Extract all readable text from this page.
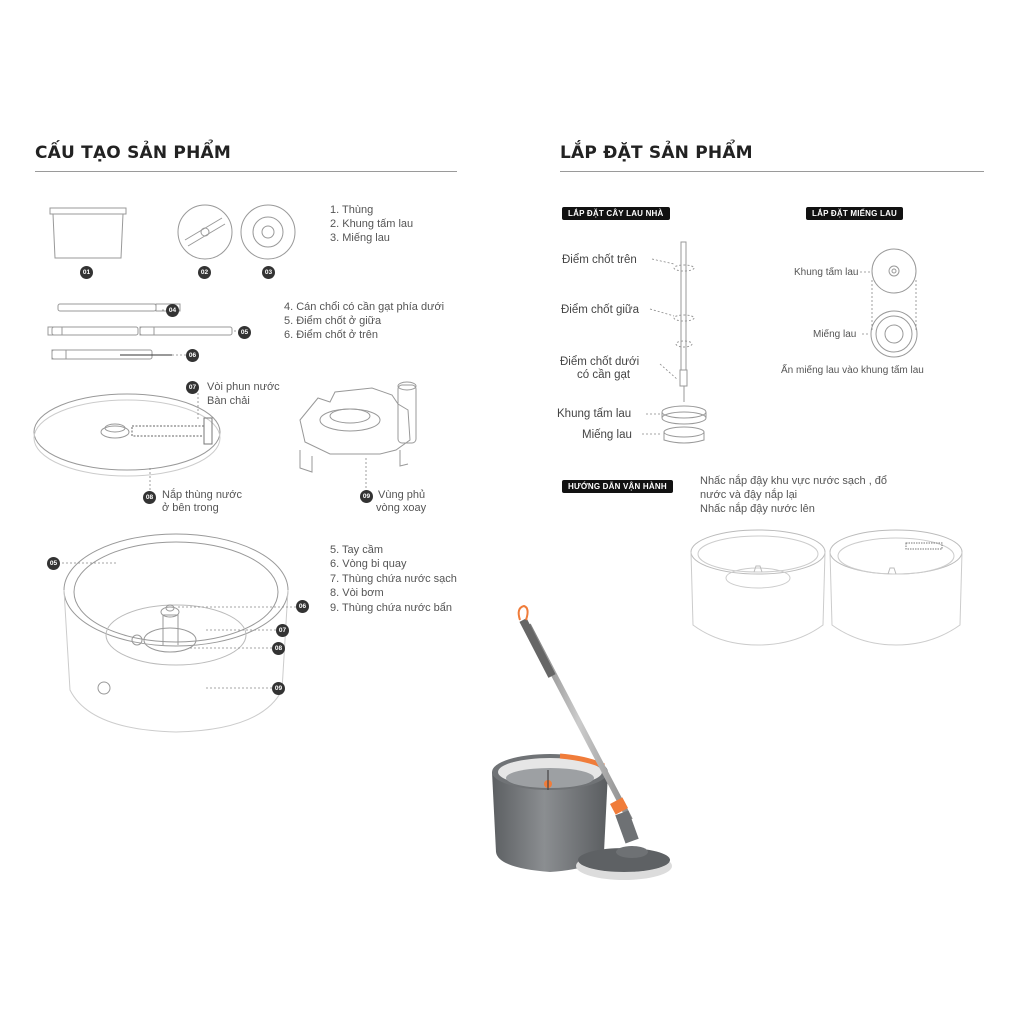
CẤU TẠO SẢN PHẨM
01	02	03
04
05
06
07
08	09
05
06
07
08
09
1. Thùng
2. Khung tấm lau
3. Miếng lau
4. Cán chổi có cần gạt phía dưới
5. Điểm chốt ở giữa
6. Điểm chốt ở trên
Vòi phun nước
Bàn chải
Nắp thùng nước
ở bên trong
Vùng phủ
vòng xoay
5. Tay cầm
6. Vòng bi quay
7. Thùng chứa nước sạch
8. Vòi bơm
9. Thùng chứa nước bẩn
LẮP ĐẶT SẢN PHẨM
LẮP ĐẶT CÂY LAU NHÀ	LẮP ĐẶT MIẾNG LAU
HƯỚNG DẪN VẬN HÀNH
Điểm chốt trên
Điểm chốt giữa
Điểm chốt dưới
có cần gạt
Khung tấm lau
Miếng lau
Khung tấm lau
Miếng lau
Ấn miếng lau vào khung tấm lau
Nhấc nắp đậy khu vực nước sạch , đổ
nước và đậy nắp lại
Nhấc nắp đậy nước lên
